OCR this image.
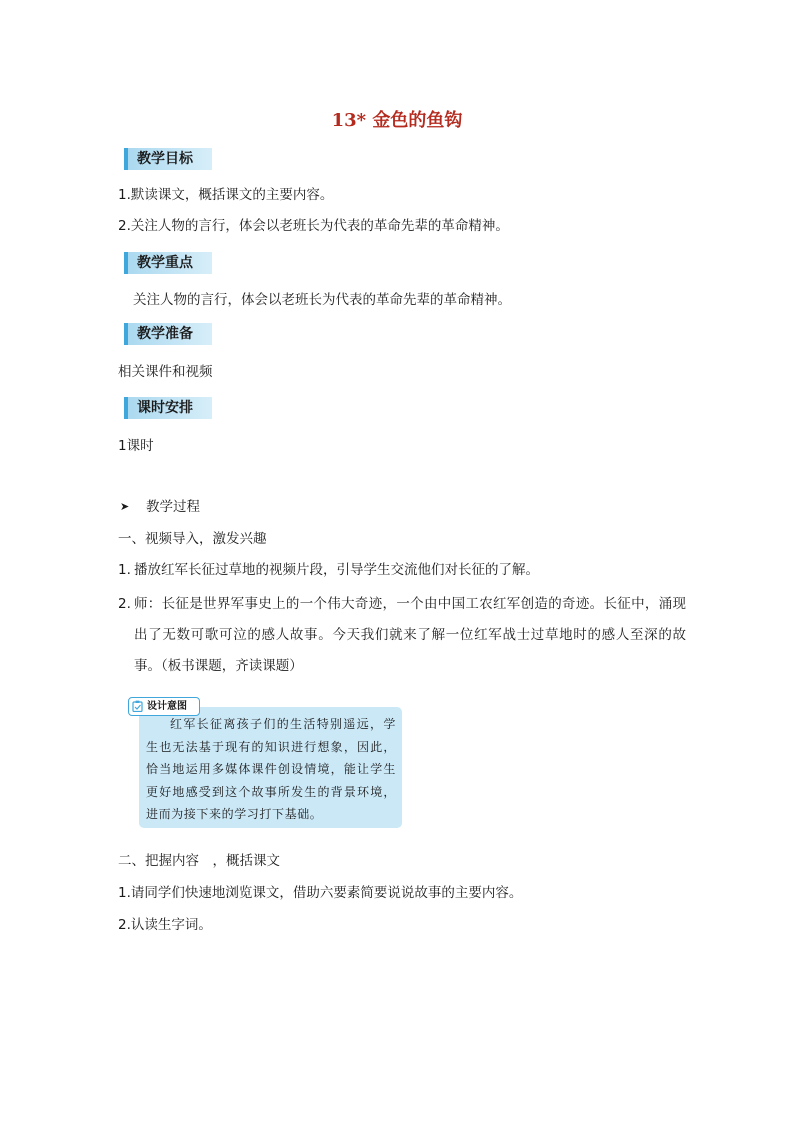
13* 金色的鱼钩
教学目标
1.默读课文，概括课文的主要内容。
2.关注人物的言行，体会以老班长为代表的革命先辈的革命精神。
教学重点
关注人物的言行，体会以老班长为代表的革命先辈的革命精神。
教学准备
相关课件和视频
课时安排
1课时
➤ 教学过程
一、视频导入，激发兴趣
1. 播放红军长征过草地的视频片段，引导学生交流他们对长征的了解。
2. 师：长征是世界军事史上的一个伟大奇迹，一个由中国工农红军创造的奇迹。长征中，涌现出了无数可歌可泣的感人故事。今天我们就来了解一位红军战士过草地时的感人至深的故事。（板书课题，齐读课题）
设计意图
红军长征离孩子们的生活特别遥远，学生也无法基于现有的知识进行想象，因此，恰当地运用多媒体课件创设情境，能让学生更好地感受到这个故事所发生的背景环境，进而为接下来的学习打下基础。
二、把握内容　，概括课文
1.请同学们快速地浏览课文，借助六要素简要说说故事的主要内容。
2.认读生字词。
